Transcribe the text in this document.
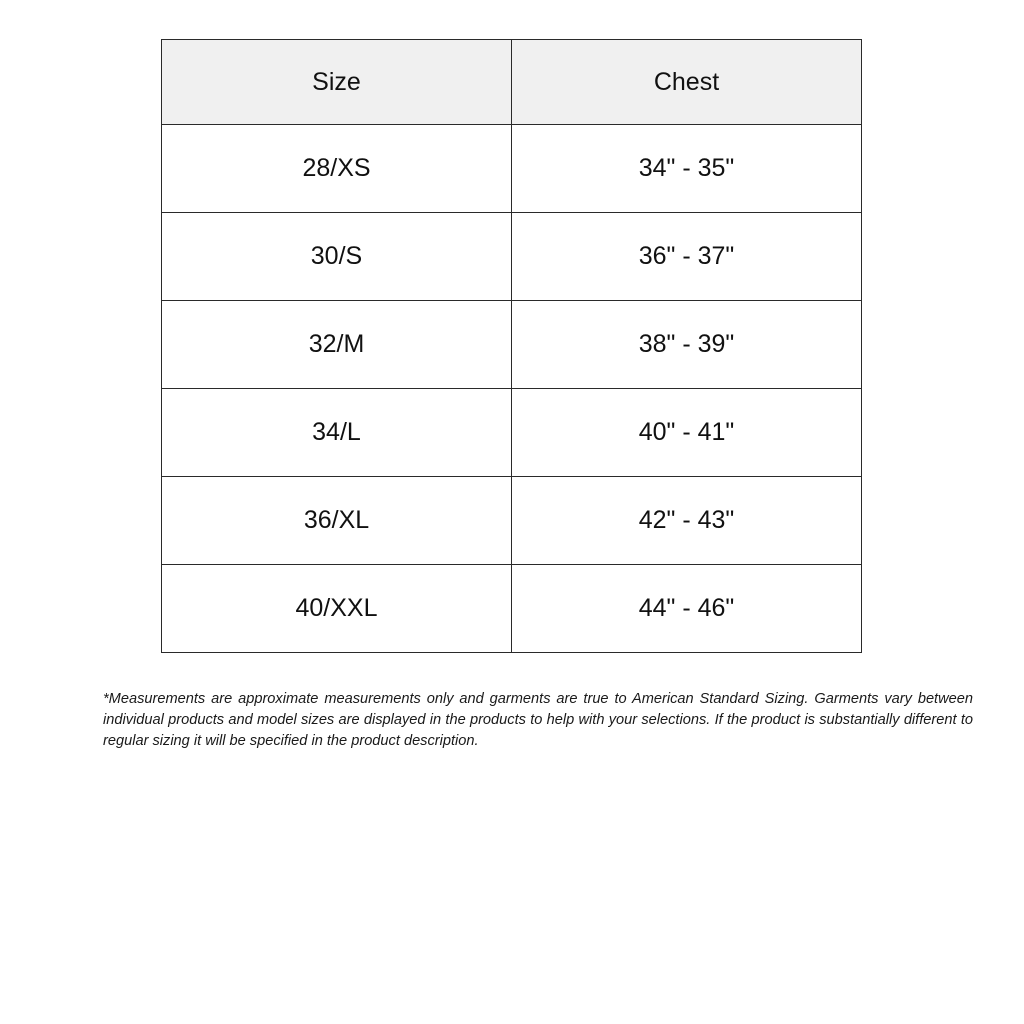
Size	Chest
28/XS	34" - 35"
30/S	36" - 37"
32/M	38" - 39"
34/L	40" - 41"
36/XL	42" - 43"
40/XXL	44" - 46"

*Measurements are approximate measurements only and garments are true to American Standard Sizing. Garments vary between individual products and model sizes are displayed in the products to help with your selections. If the product is substantially different to regular sizing it will be specified in the product description.
